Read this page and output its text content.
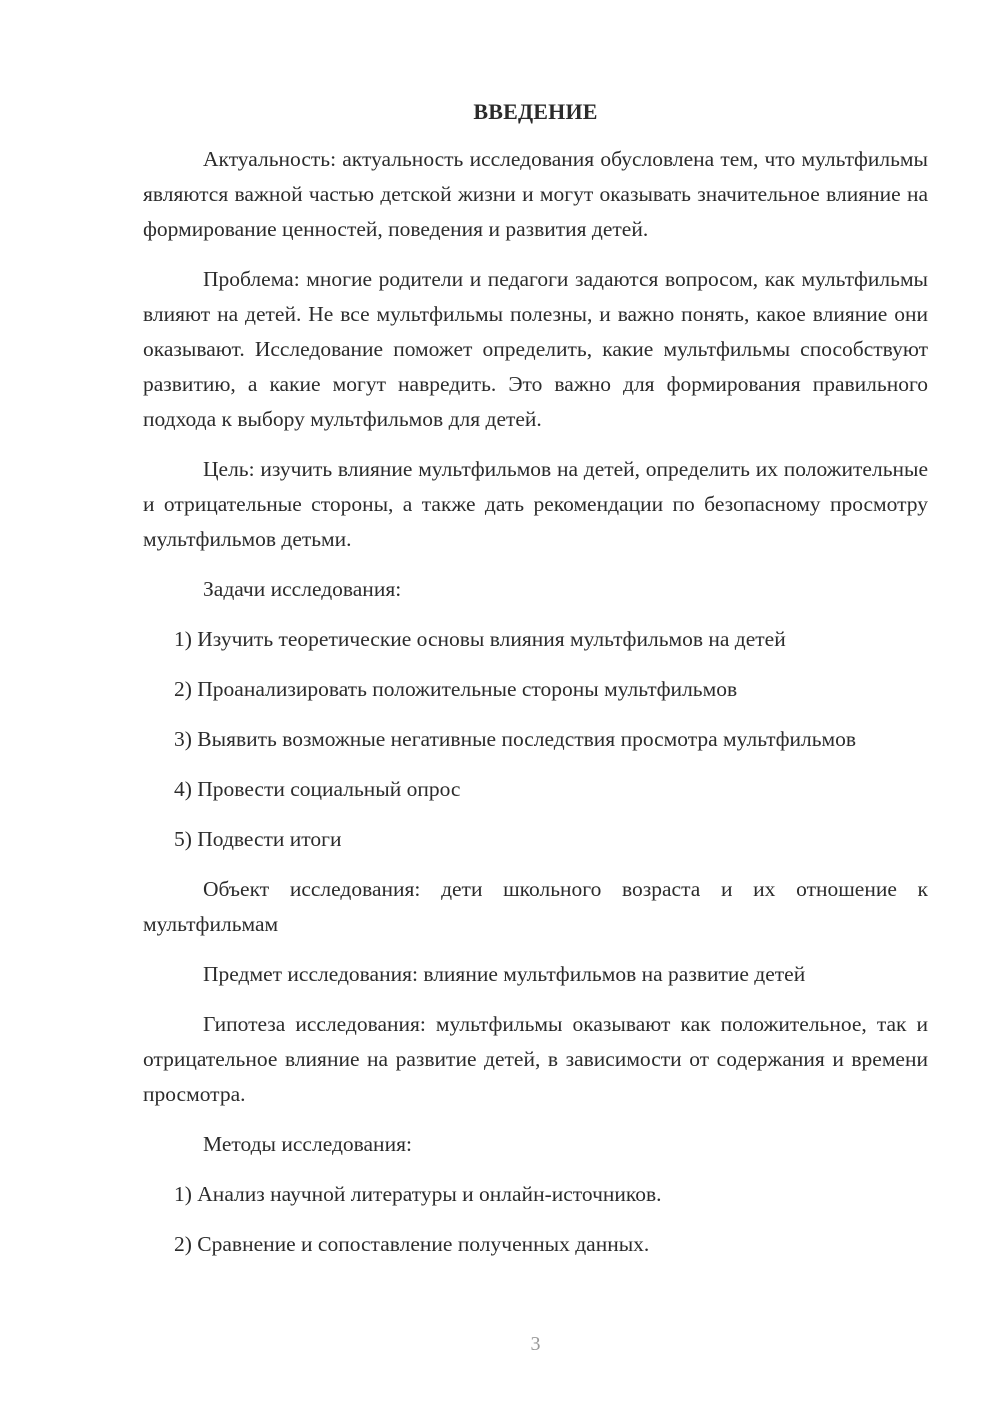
ВВЕДЕНИЕ

Актуальность: актуальность исследования обусловлена тем, что мультфильмы являются важной частью детской жизни и могут оказывать значительное влияние на формирование ценностей, поведения и развития детей.

Проблема: многие родители и педагоги задаются вопросом, как мультфильмы влияют на детей. Не все мультфильмы полезны, и важно понять, какое влияние они оказывают. Исследование поможет определить, какие мультфильмы способствуют развитию, а какие могут навредить. Это важно для формирования правильного подхода к выбору мультфильмов для детей.

Цель: изучить влияние мультфильмов на детей, определить их положительные и отрицательные стороны, а также дать рекомендации по безопасному просмотру мультфильмов детьми.

Задачи исследования:

1) Изучить теоретические основы влияния мультфильмов на детей

2) Проанализировать положительные стороны мультфильмов

3) Выявить возможные негативные последствия просмотра мультфильмов

4) Провести социальный опрос

5) Подвести итоги

Объект исследования: дети школьного возраста и их отношение к мультфильмам

Предмет исследования: влияние мультфильмов на развитие детей

Гипотеза исследования: мультфильмы оказывают как положительное, так и отрицательное влияние на развитие детей, в зависимости от содержания и времени просмотра.

Методы исследования:

1) Анализ научной литературы и онлайн-источников.

2) Сравнение и сопоставление полученных данных.

3
